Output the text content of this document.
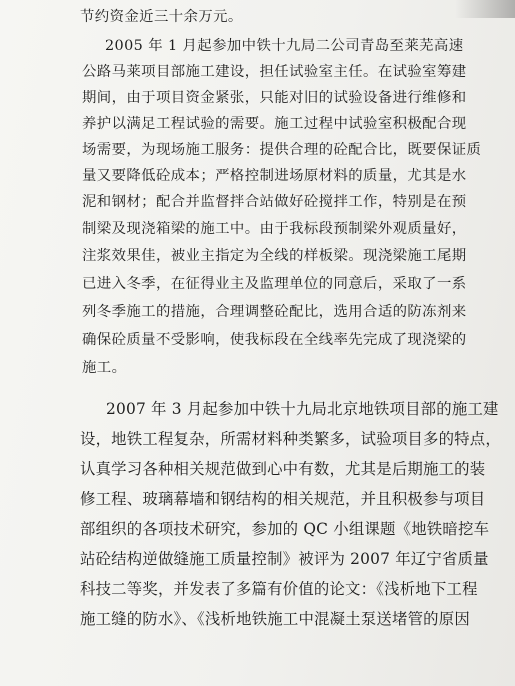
节约资金近三十余万元。
2005 年 1 月起参加中铁十九局二公司青岛至莱芜高速
公路马莱项目部施工建设，担任试验室主任。在试验室筹建
期间，由于项目资金紧张，只能对旧的试验设备进行维修和
养护以满足工程试验的需要。施工过程中试验室积极配合现
场需要，为现场施工服务：提供合理的砼配合比，既要保证质
量又要降低砼成本；严格控制进场原材料的质量，尤其是水
泥和钢材；配合并监督拌合站做好砼搅拌工作，特别是在预
制梁及现浇箱梁的施工中。由于我标段预制梁外观质量好，
注浆效果佳，被业主指定为全线的样板梁。现浇梁施工尾期
已进入冬季，在征得业主及监理单位的同意后，采取了一系
列冬季施工的措施，合理调整砼配比，选用合适的防冻剂来
确保砼质量不受影响，使我标段在全线率先完成了现浇梁的
施工。
2007 年 3 月起参加中铁十九局北京地铁项目部的施工建
设，地铁工程复杂，所需材料种类繁多，试验项目多的特点，
认真学习各种相关规范做到心中有数，尤其是后期施工的装
修工程、玻璃幕墙和钢结构的相关规范，并且积极参与项目
部组织的各项技术研究，参加的 QC 小组课题《地铁暗挖车
站砼结构逆做缝施工质量控制》被评为 2007 年辽宁省质量
科技二等奖，并发表了多篇有价值的论文：《浅析地下工程
施工缝的防水》、《浅析地铁施工中混凝土泵送堵管的原因
